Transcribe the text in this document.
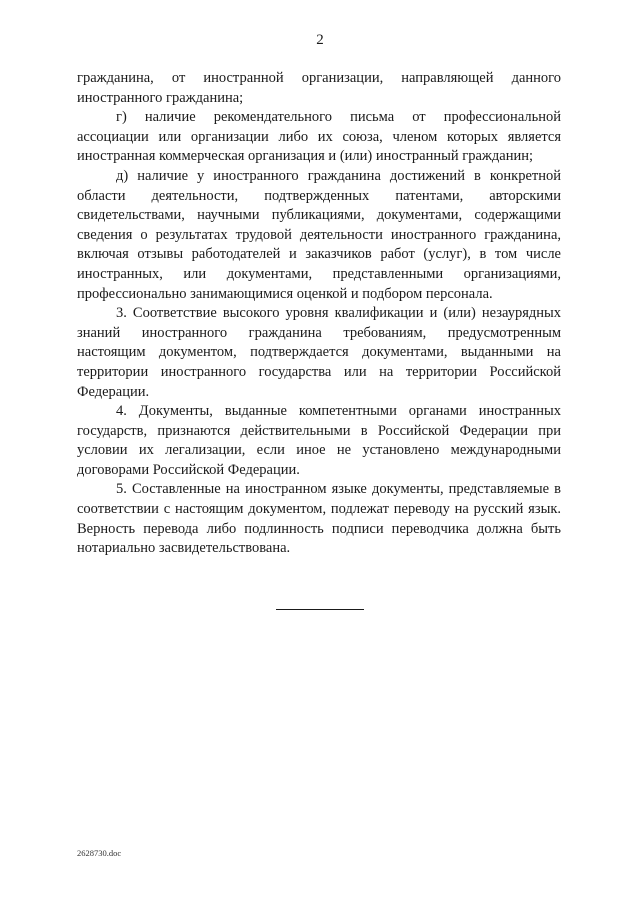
2

гражданина, от иностранной организации, направляющей данного иностранного гражданина;

г) наличие рекомендательного письма от профессиональной ассоциации или организации либо их союза, членом которых является иностранная коммерческая организация и (или) иностранный гражданин;

д) наличие у иностранного гражданина достижений в конкретной области деятельности, подтвержденных патентами, авторскими свидетельствами, научными публикациями, документами, содержащими сведения о результатах трудовой деятельности иностранного гражданина, включая отзывы работодателей и заказчиков работ (услуг), в том числе иностранных, или документами, представленными организациями, профессионально занимающимися оценкой и подбором персонала.

3. Соответствие высокого уровня квалификации и (или) незаурядных знаний иностранного гражданина требованиям, предусмотренным настоящим документом, подтверждается документами, выданными на территории иностранного государства или на территории Российской Федерации.

4. Документы, выданные компетентными органами иностранных государств, признаются действительными в Российской Федерации при условии их легализации, если иное не установлено международными договорами Российской Федерации.

5. Составленные на иностранном языке документы, представляемые в соответствии с настоящим документом, подлежат переводу на русский язык. Верность перевода либо подлинность подписи переводчика должна быть нотариально засвидетельствована.

2628730.doc
